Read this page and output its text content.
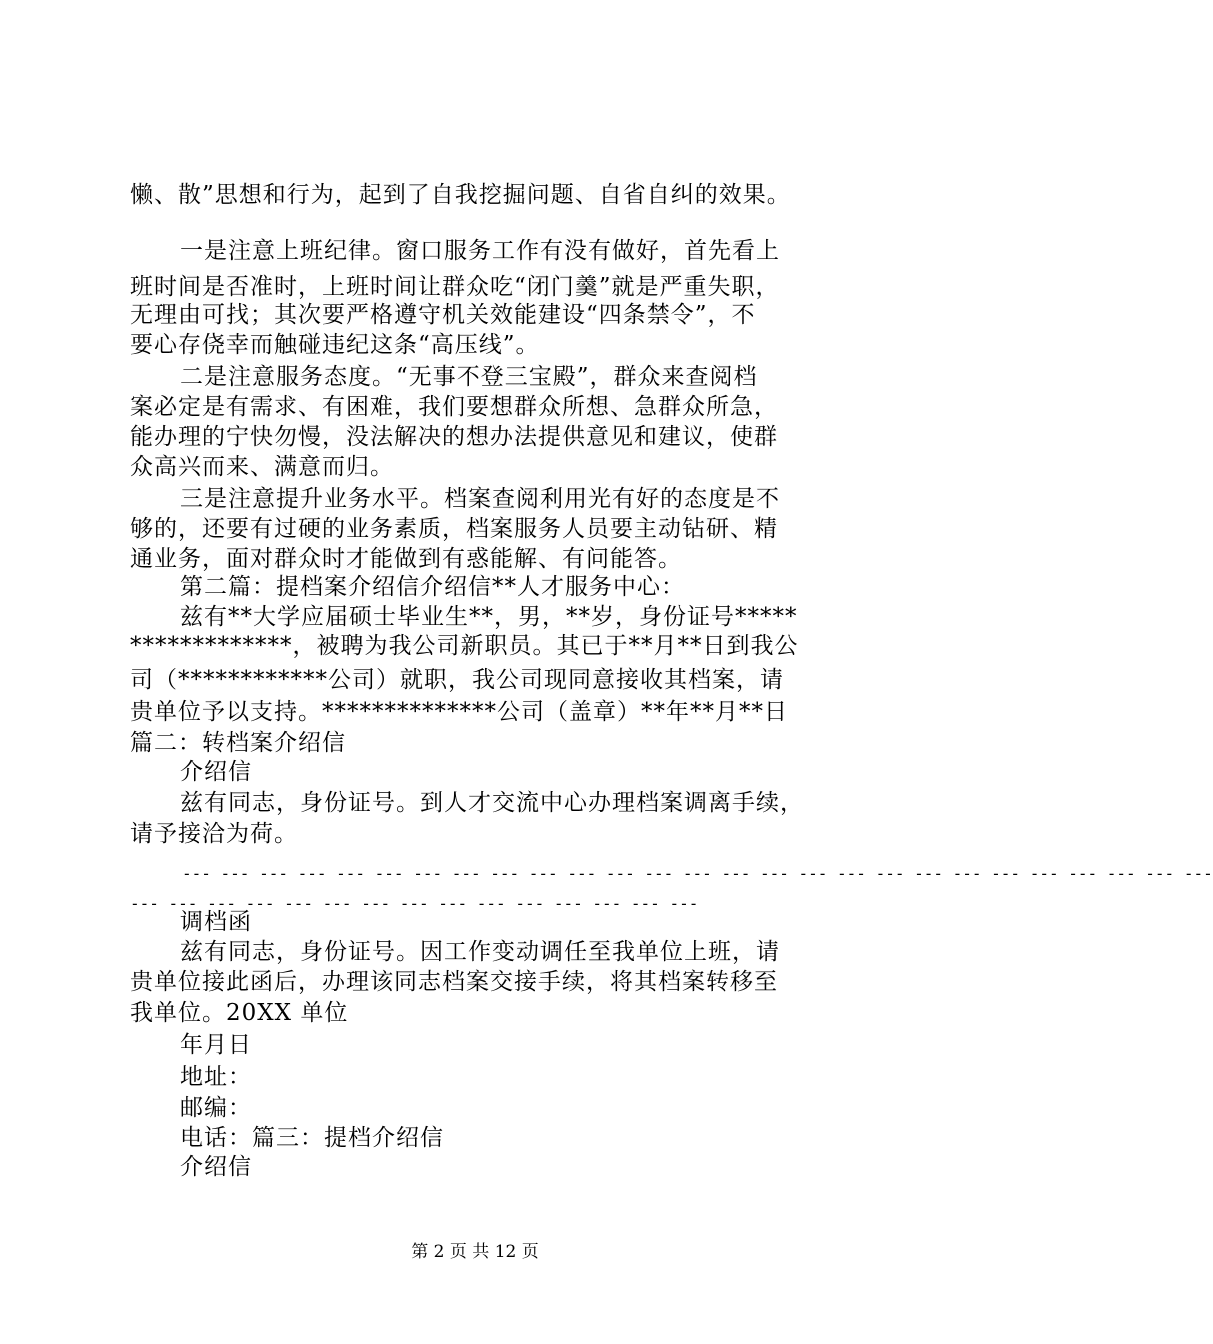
懒、散”思想和行为，起到了自我挖掘问题、自省自纠的效果。
一是注意上班纪律。窗口服务工作有没有做好，首先看上
班时间是否准时，上班时间让群众吃“闭门羹”就是严重失职，
无理由可找；其次要严格遵守机关效能建设“四条禁令”，不
要心存侥幸而触碰违纪这条“高压线”。
二是注意服务态度。“无事不登三宝殿”，群众来查阅档
案必定是有需求、有困难，我们要想群众所想、急群众所急，
能办理的宁快勿慢，没法解决的想办法提供意见和建议，使群
众高兴而来、满意而归。
三是注意提升业务水平。档案查阅利用光有好的态度是不
够的，还要有过硬的业务素质，档案服务人员要主动钻研、精
通业务，面对群众时才能做到有惑能解、有问能答。
第二篇：提档案介绍信介绍信**人才服务中心：
兹有**大学应届硕士毕业生**，男，**岁，身份证号*****
*************，被聘为我公司新职员。其已于**月**日到我公
司（************公司）就职，我公司现同意接收其档案，请
贵单位予以支持。**************公司（盖章）**年**月**日
篇二：转档案介绍信
介绍信
兹有同志，身份证号。到人才交流中心办理档案调离手续，
请予接洽为荷。
--- --- --- --- --- --- --- --- --- --- --- --- --- --- --- --- --- --- --- --- --- --- --- --- --- --- ---
--- --- --- --- --- --- --- --- --- --- --- --- --- --- ---
调档函
兹有同志，身份证号。因工作变动调任至我单位上班，请
贵单位接此函后，办理该同志档案交接手续，将其档案转移至
我单位。20XX 单位
年月日
地址：
邮编：
电话：篇三：提档介绍信
介绍信
第 2 页 共 12 页
